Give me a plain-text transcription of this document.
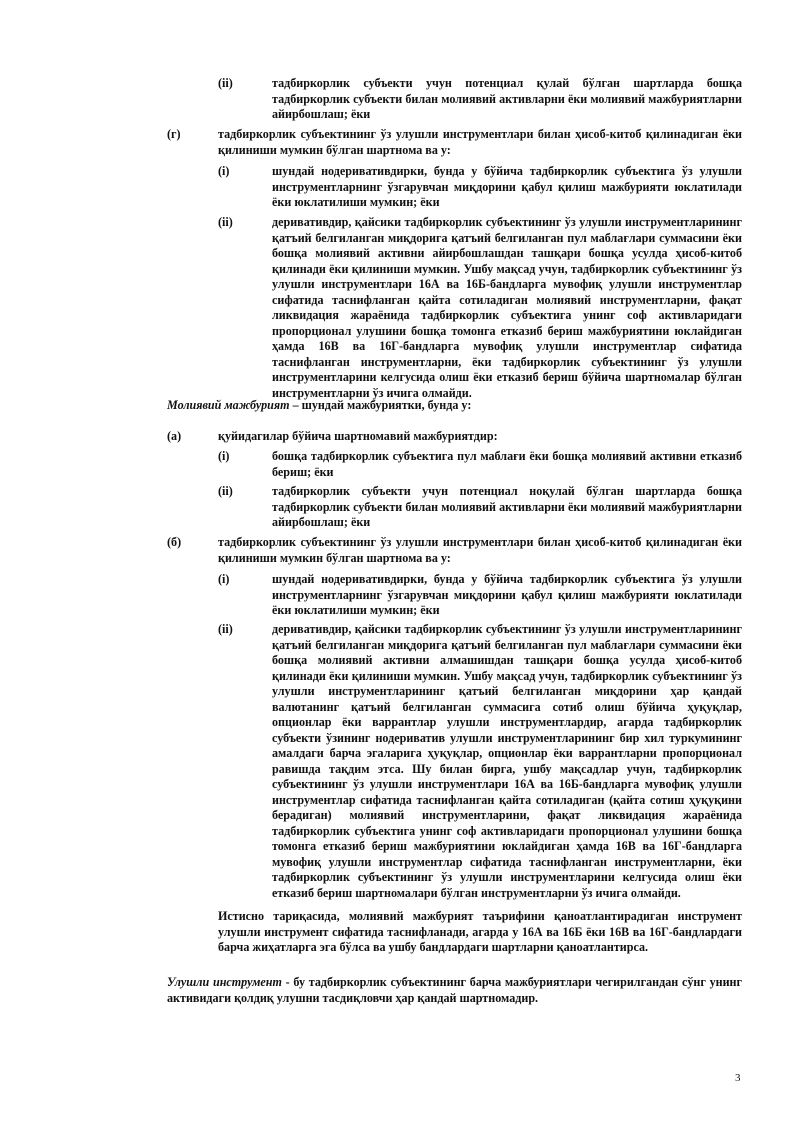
(ii)	тадбиркорлик субъекти учун потенциал қулай бўлган шартларда бошқа тадбиркорлик субъекти билан молиявий активларни ёки молиявий мажбуриятларни айирбошлаш; ёки
(г)	тадбиркорлик субъектининг ўз улушли инструментлари билан ҳисоб-китоб қилинадиган ёки қилиниши мумкин бўлган шартнома ва у:
(i)	шундай нодеривативдирки, бунда у бўйича тадбиркорлик субъектига ўз улушли инструментларнинг ўзгарувчан миқдорини қабул қилиш мажбурияти юклатилади ёки юклатилиши мумкин; ёки
(ii)	деривативдир, қайсики тадбиркорлик субъектининг ўз улушли инструментларининг қатъий белгиланган миқдорига қатъий белгиланган пул маблағлари суммасини ёки бошқа молиявий активни айирбошлашдан ташқари бошқа усулда ҳисоб-китоб қилинади ёки қилиниши мумкин. Ушбу мақсад учун, тадбиркорлик субъектининг ўз улушли инструментлари 16А ва 16Б-бандларга мувофиқ улушли инструментлар сифатида таснифланган қайта сотиладиган молиявий инструментларни, фақат ликвидация жараёнида тадбиркорлик субъектига унинг соф активларидаги пропорционал улушини бошқа томонга етказиб бериш мажбуриятини юклайдиган ҳамда 16В ва 16Г-бандларга мувофиқ улушли инструментлар сифатида таснифланган инструментларни, ёки тадбиркорлик субъектининг ўз улушли инструментларини келгусида олиш ёки етказиб бериш бўйича шартномалар бўлган инструментларни ўз ичига олмайди.
Молиявий мажбурият – шундай мажбуриятки, бунда у:
(а)	қуйидагилар бўйича шартномавий мажбуриятдир:
(i)	бошқа тадбиркорлик субъектига пул маблағи ёки бошқа молиявий активни етказиб бериш; ёки
(ii)	тадбиркорлик субъекти учун потенциал ноқулай бўлган шартларда бошқа тадбиркорлик субъекти билан молиявий активларни ёки молиявий мажбуриятларни айирбошлаш; ёки
(б)	тадбиркорлик субъектининг ўз улушли инструментлари билан ҳисоб-китоб қилинадиган ёки қилиниши мумкин бўлган шартнома ва у:
(i)	шундай нодеривативдирки, бунда у бўйича тадбиркорлик субъектига ўз улушли инструментларнинг ўзгарувчан миқдорини қабул қилиш мажбурияти юклатилади ёки юклатилиши мумкин; ёки
(ii)	деривативдир, қайсики тадбиркорлик субъектининг ўз улушли инструментларининг қатъий белгиланган миқдорига қатъий белгиланган пул маблағлари суммасини ёки бошқа молиявий активни алмашишдан ташқари бошқа усулда ҳисоб-китоб қилинади ёки қилиниши мумкин. Ушбу мақсад учун, тадбиркорлик субъектининг ўз улушли инструментларининг қатъий белгиланган миқдорини ҳар қандай валютанинг қатъий белгиланган суммасига сотиб олиш бўйича ҳуқуқлар, опционлар ёки варрантлар улушли инструментлардир, агарда тадбиркорлик субъекти ўзининг нодериватив улушли инструментларининг бир хил туркумининг амалдаги барча эгаларига ҳуқуқлар, опционлар ёки варрантларни пропорционал равишда тақдим этса. Шу билан бирга, ушбу мақсадлар учун, тадбиркорлик субъектининг ўз улушли инструментлари 16А ва 16Б-бандларга мувофиқ улушли инструментлар сифатида таснифланган қайта сотиладиган (қайта сотиш ҳуқуқини берадиган) молиявий инструментларини, фақат ликвидация жараёнида тадбиркорлик субъектига унинг соф активларидаги пропорционал улушини бошқа томонга етказиб бериш мажбуриятини юклайдиган ҳамда 16В ва 16Г-бандларга мувофиқ улушли инструментлар сифатида таснифланган инструментларни, ёки тадбиркорлик субъектининг ўз улушли инструментларини келгусида олиш ёки етказиб бериш шартномалари бўлган инструментларни ўз ичига олмайди.
Истисно тариқасида, молиявий мажбурият таърифини қаноатлантирадиган инструмент улушли инструмент сифатида таснифланади, агарда у 16А ва 16Б ёки 16В ва 16Г-бандлардаги барча жиҳатларга эга бўлса ва ушбу бандлардаги шартларни қаноатлантирса.
Улушли инструмент - бу тадбиркорлик субъектининг барча мажбуриятлари чегирилгандан сўнг унинг активидаги қолдиқ улушни тасдиқловчи ҳар қандай шартномадир.
3
